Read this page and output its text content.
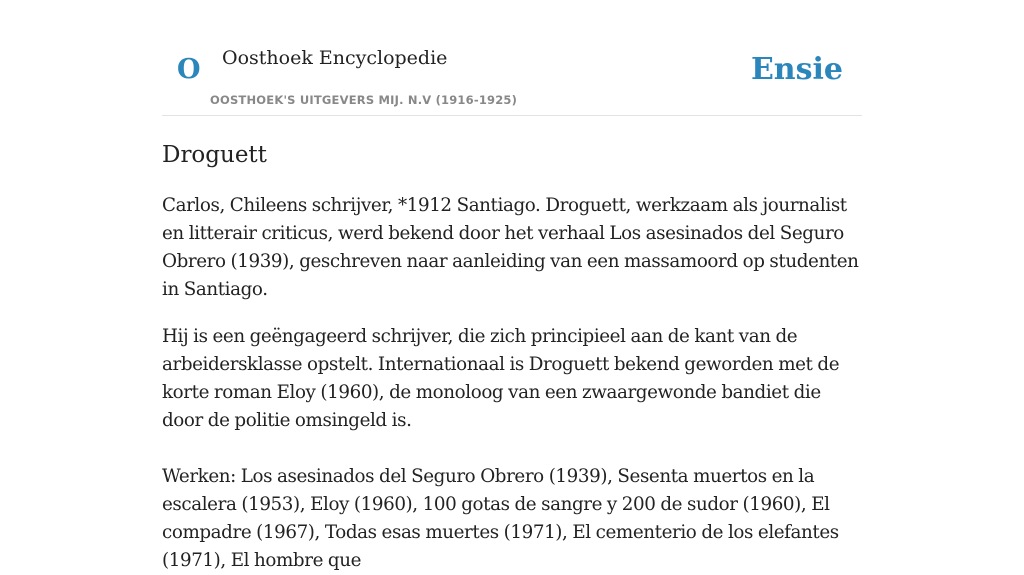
O Oosthoek Encyclopedie
OOSTHOEK'S UITGEVERS MIJ. N.V (1916-1925)
Ensie
Droguett

Carlos, Chileens schrijver, *1912 Santiago. Droguett, werkzaam als journalist en litterair criticus, werd bekend door het verhaal Los asesinados del Seguro Obrero (1939), geschreven naar aanleiding van een massamoord op studenten in Santiago.

Hij is een geëngageerd schrijver, die zich principieel aan de kant van de arbeidersklasse opstelt. Internationaal is Droguett bekend geworden met de korte roman Eloy (1960), de monoloog van een zwaargewonde bandiet die door de politie omsingeld is.

Werken: Los asesinados del Seguro Obrero (1939), Sesenta muertos en la escalera (1953), Eloy (1960), 100 gotas de sangre y 200 de sudor (1960), El compadre (1967), Todas esas muertes (1971), El cementerio de los elefantes (1971), El hombre que
